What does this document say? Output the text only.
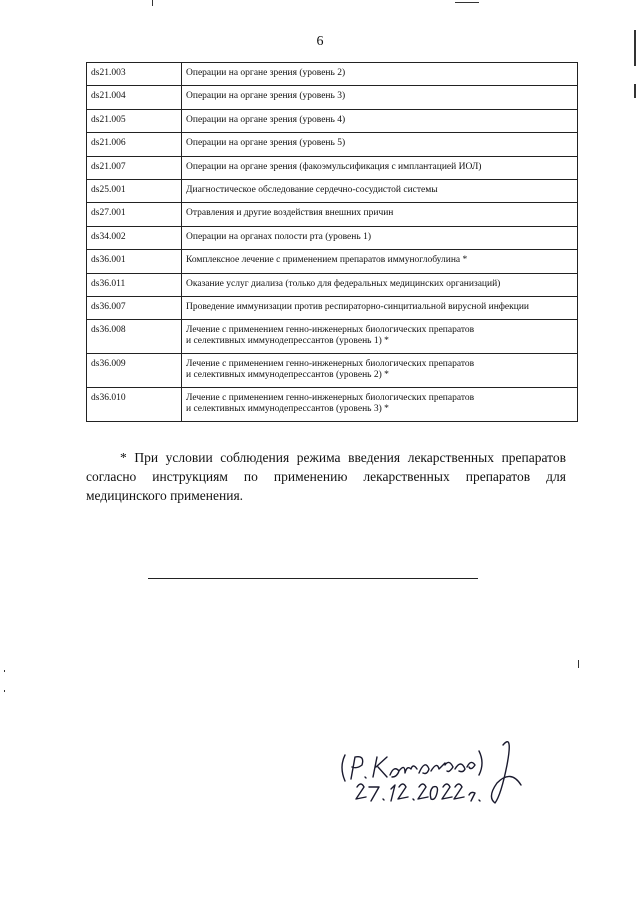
6
ds21.003	Операции на органе зрения (уровень 2)
ds21.004	Операции на органе зрения (уровень 3)
ds21.005	Операции на органе зрения (уровень 4)
ds21.006	Операции на органе зрения (уровень 5)
ds21.007	Операции на органе зрения (факоэмульсификация с имплантацией ИОЛ)
ds25.001	Диагностическое обследование сердечно-сосудистой системы
ds27.001	Отравления и другие воздействия внешних причин
ds34.002	Операции на органах полости рта (уровень 1)
ds36.001	Комплексное лечение с применением препаратов иммуноглобулина *
ds36.011	Оказание услуг диализа (только для федеральных медицинских организаций)
ds36.007	Проведение иммунизации против респираторно-синцитиальной вирусной инфекции
ds36.008	Лечение с применением генно-инженерных биологических препаратов
и селективных иммунодепрессантов (уровень 1) *

ds36.009	Лечение с применением генно-инженерных биологических препаратов
и селективных иммунодепрессантов (уровень 2) *

ds36.010	Лечение с применением генно-инженерных биологических препаратов
и селективных иммунодепрессантов (уровень 3) *

* При условии соблюдения режима введения лекарственных препаратов согласно инструкциям по применению лекарственных препаратов для медицинского применения.
